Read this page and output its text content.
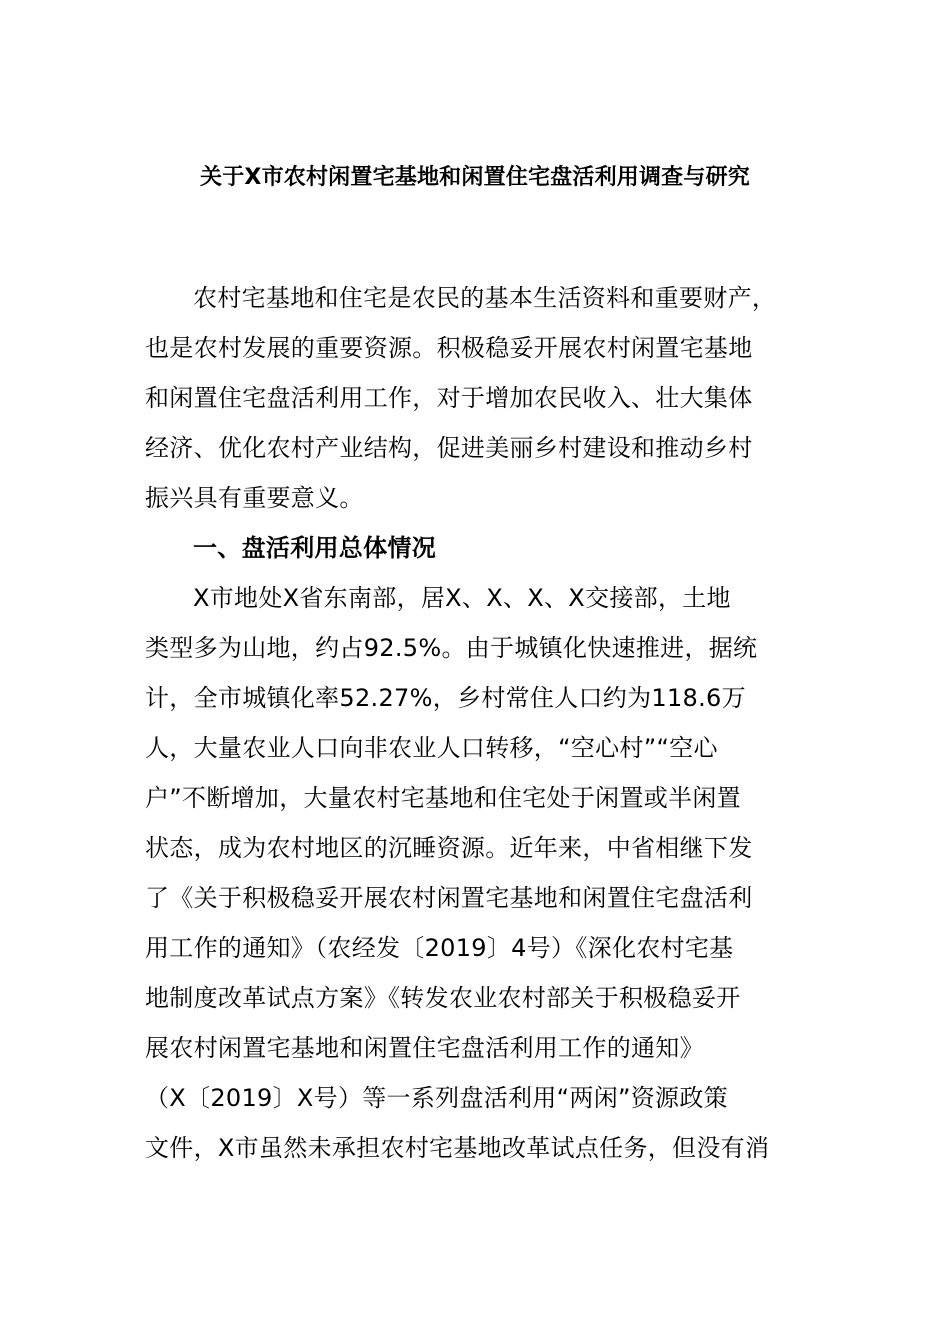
关于X市农村闲置宅基地和闲置住宅盘活利用调查与研究
农村宅基地和住宅是农民的基本生活资料和重要财产，
也是农村发展的重要资源。积极稳妥开展农村闲置宅基地
和闲置住宅盘活利用工作，对于增加农民收入、壮大集体
经济、优化农村产业结构，促进美丽乡村建设和推动乡村
振兴具有重要意义。
一、盘活利用总体情况
X市地处X省东南部，居X、X、X、X交接部，土地
类型多为山地，约占92.5%。由于城镇化快速推进，据统
计，全市城镇化率52.27%，乡村常住人口约为118.6万
人，大量农业人口向非农业人口转移，“空心村”“空心
户”不断增加，大量农村宅基地和住宅处于闲置或半闲置
状态，成为农村地区的沉睡资源。近年来，中省相继下发
了《关于积极稳妥开展农村闲置宅基地和闲置住宅盘活利
用工作的通知》（农经发〔2019〕4号）《深化农村宅基
地制度改革试点方案》《转发农业农村部关于积极稳妥开
展农村闲置宅基地和闲置住宅盘活利用工作的通知》
（X〔2019〕X号）等一系列盘活利用“两闲”资源政策
文件，X市虽然未承担农村宅基地改革试点任务，但没有消
